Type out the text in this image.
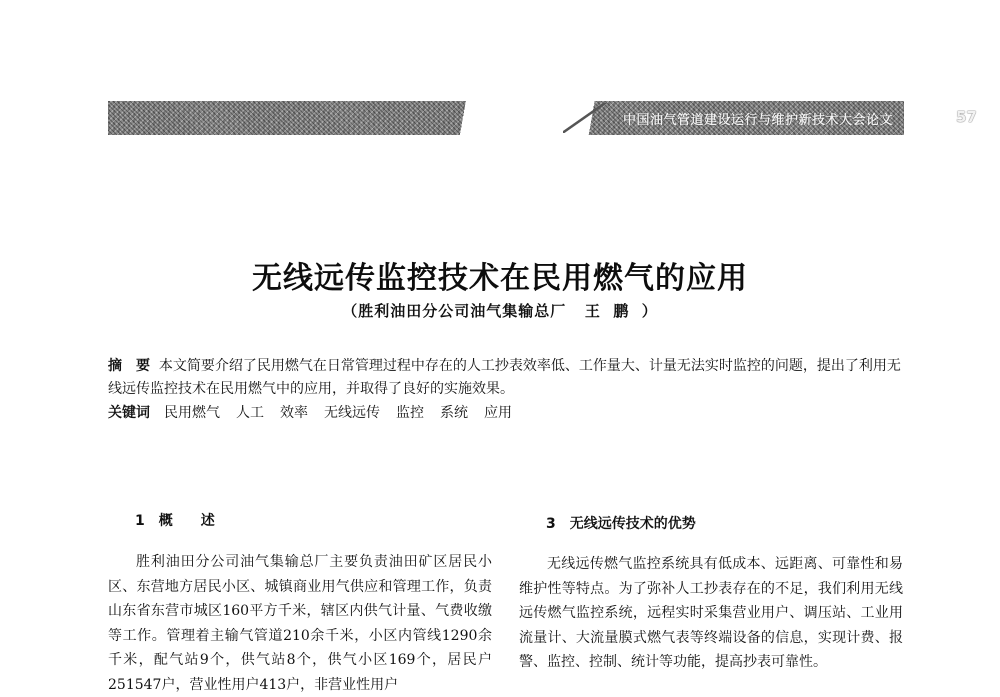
中国油气管道建设运行与维护新技术大会论文	57
无线远传监控技术在民用燃气的应用
（胜利油田分公司油气集输总厂   王  鹏  ）
摘　要 本文简要介绍了民用燃气在日常管理过程中存在的人工抄表效率低、工作量大、计量无法实时监控的问题，提出了利用无线远传监控技术在民用燃气中的应用，并取得了良好的实施效果。
关键词 民用燃气 人工 效率 无线远传 监控 系统 应用
1　概　　述

胜利油田分公司油气集输总厂主要负责油田矿区居民小区、东营地方居民小区、城镇商业用气供应和管理工作，负责山东省东营市城区160平方千米，辖区内供气计量、气费收缴等工作。管理着主输气管道210余千米，小区内管线1290余千米，配气站9个，供气站8个，供气小区169个，居民户251547户，营业性用户413户，非营业性用户

3　无线远传技术的优势

无线远传燃气监控系统具有低成本、远距离、可靠性和易维护性等特点。为了弥补人工抄表存在的不足，我们利用无线远传燃气监控系统，远程实时采集营业用户、调压站、工业用流量计、大流量膜式燃气表等终端设备的信息，实现计费、报警、监控、控制、统计等功能，提高抄表可靠性。
